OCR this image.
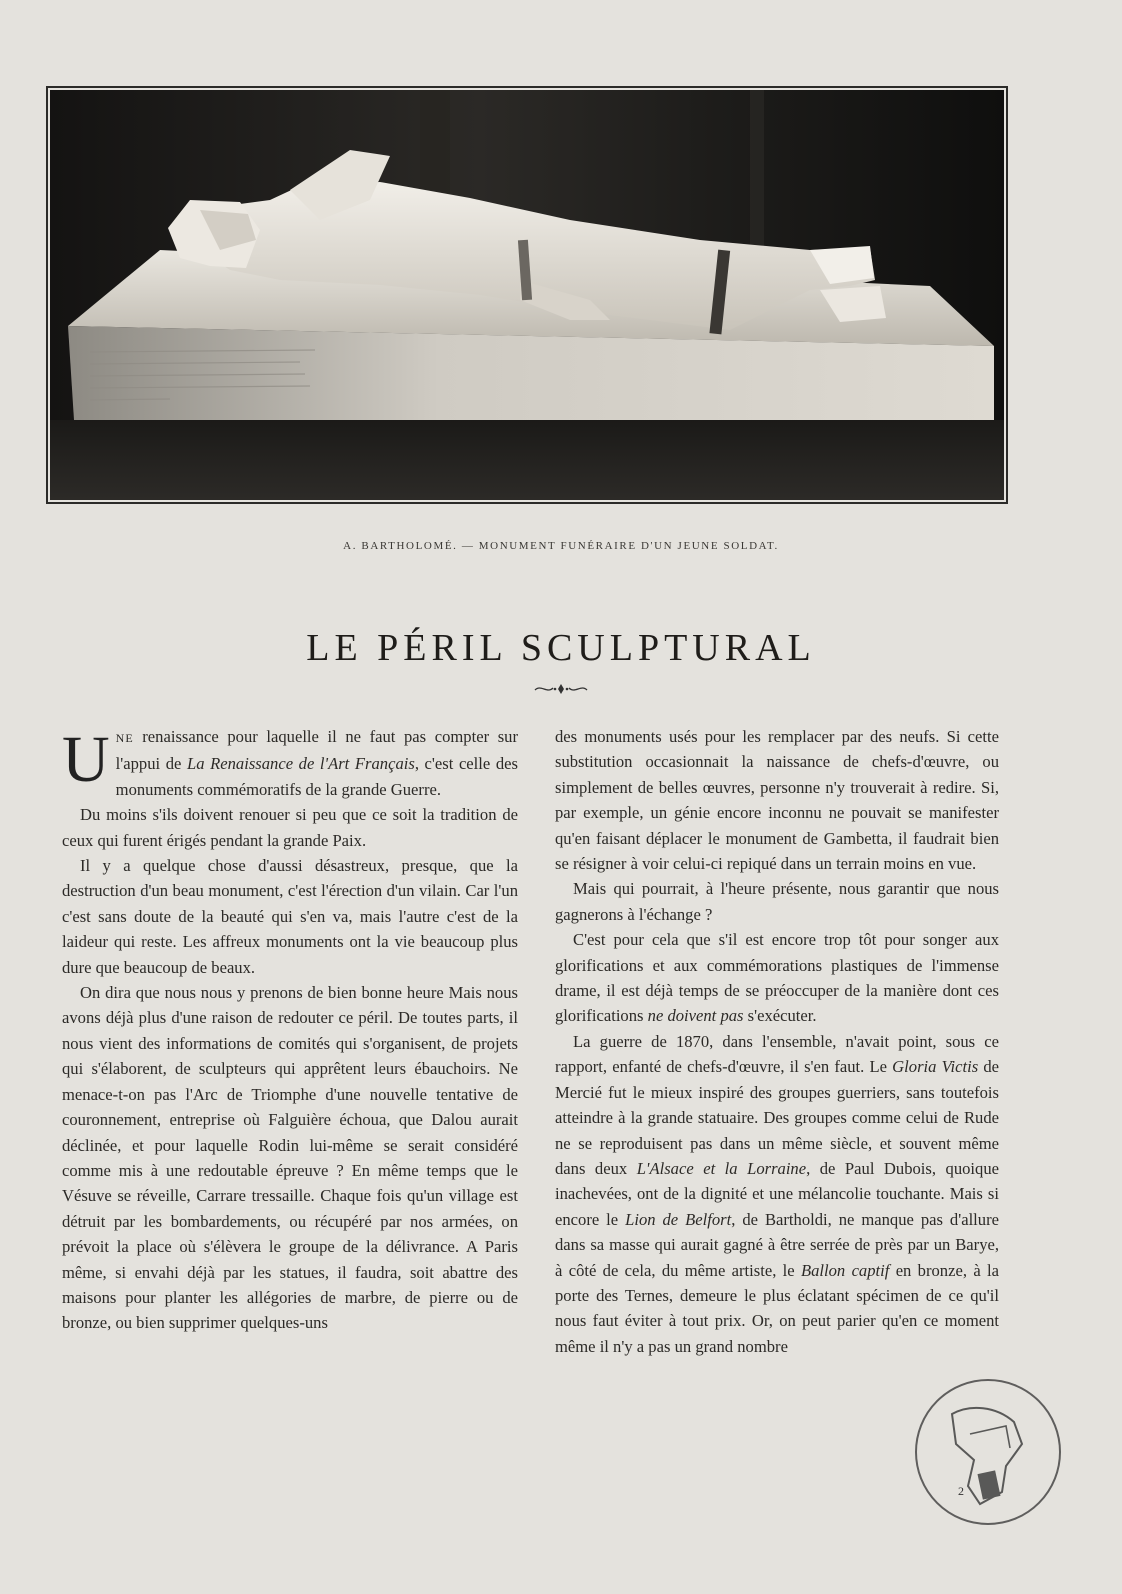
A. BARTHOLOMÉ. — MONUMENT FUNÉRAIRE D'UN JEUNE SOLDAT.
LE PÉRIL SCULPTURAL

UNE renaissance pour laquelle il ne faut pas compter sur l'appui de La Renaissance de l'Art Français, c'est celle des monuments commémoratifs de la grande Guerre.

Du moins s'ils doivent renouer si peu que ce soit la tradition de ceux qui furent érigés pendant la grande Paix.

Il y a quelque chose d'aussi désastreux, presque, que la destruction d'un beau monument, c'est l'érection d'un vilain. Car l'un c'est sans doute de la beauté qui s'en va, mais l'autre c'est de la laideur qui reste. Les affreux monuments ont la vie beaucoup plus dure que beaucoup de beaux.

On dira que nous nous y prenons de bien bonne heure Mais nous avons déjà plus d'une raison de redouter ce péril. De toutes parts, il nous vient des informations de comités qui s'organisent, de projets qui s'élaborent, de sculpteurs qui apprêtent leurs ébauchoirs. Ne menace-t-on pas l'Arc de Triomphe d'une nouvelle tentative de couronnement, entreprise où Falguière échoua, que Dalou aurait déclinée, et pour laquelle Rodin lui-même se serait considéré comme mis à une redoutable épreuve ? En même temps que le Vésuve se réveille, Carrare tressaille. Chaque fois qu'un village est détruit par les bombardements, ou récupéré par nos armées, on prévoit la place où s'élèvera le groupe de la délivrance. A Paris même, si envahi déjà par les statues, il faudra, soit abattre des maisons pour planter les allégories de marbre, de pierre ou de bronze, ou bien supprimer quelques-uns

des monuments usés pour les remplacer par des neufs. Si cette substitution occasionnait la naissance de chefs-d'œuvre, ou simplement de belles œuvres, personne n'y trouverait à redire. Si, par exemple, un génie encore inconnu ne pouvait se manifester qu'en faisant déplacer le monument de Gambetta, il faudrait bien se résigner à voir celui-ci repiqué dans un terrain moins en vue.

Mais qui pourrait, à l'heure présente, nous garantir que nous gagnerons à l'échange ?

C'est pour cela que s'il est encore trop tôt pour songer aux glorifications et aux commémorations plastiques de l'immense drame, il est déjà temps de se préoccuper de la manière dont ces glorifications ne doivent pas s'exécuter.

La guerre de 1870, dans l'ensemble, n'avait point, sous ce rapport, enfanté de chefs-d'œuvre, il s'en faut. Le Gloria Victis de Mercié fut le mieux inspiré des groupes guerriers, sans toutefois atteindre à la grande statuaire. Des groupes comme celui de Rude ne se reproduisent pas dans un même siècle, et souvent même dans deux L'Alsace et la Lorraine, de Paul Dubois, quoique inachevées, ont de la dignité et une mélancolie touchante. Mais si encore le Lion de Belfort, de Bartholdi, ne manque pas d'allure dans sa masse qui aurait gagné à être serrée de près par un Barye, à côté de cela, du même artiste, le Ballon captif en bronze, à la porte des Ternes, demeure le plus éclatant spécimen de ce qu'il nous faut éviter à tout prix. Or, on peut parier qu'en ce moment même il n'y a pas un grand nombre

2
